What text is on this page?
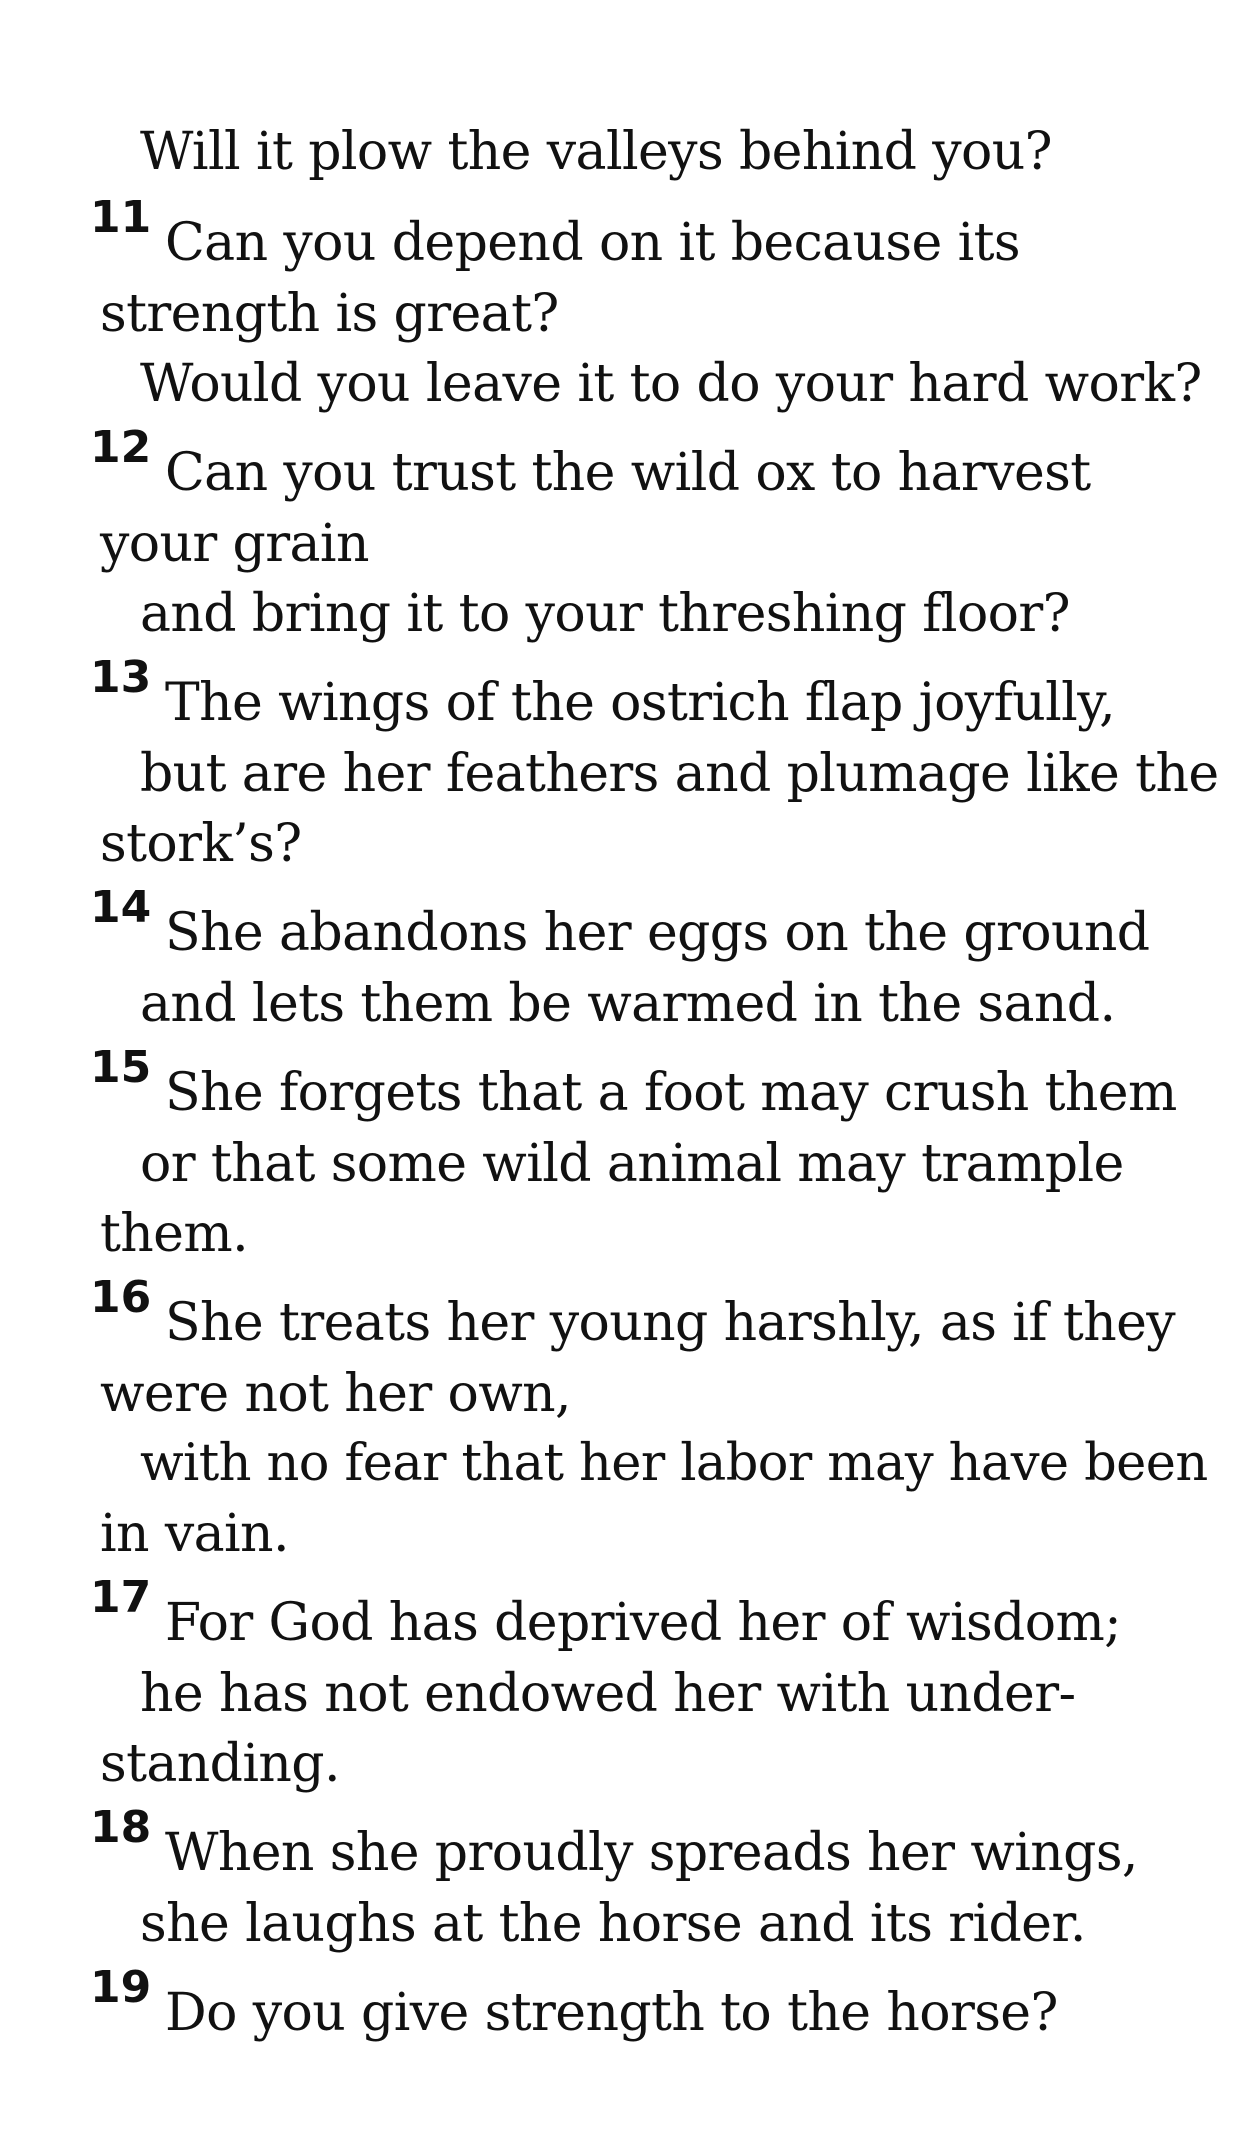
Will it plow the valleys behind you?
11 Can you depend on it because its
strength is great?
Would you leave it to do your hard work?
12 Can you trust the wild ox to harvest
your grain
and bring it to your threshing floor?
13 The wings of the ostrich flap joyfully,
but are her feathers and plumage like the
stork’s?
14 She abandons her eggs on the ground
and lets them be warmed in the sand.
15 She forgets that a foot may crush them
or that some wild animal may trample
them.
16 She treats her young harshly, as if they
were not her own,
with no fear that her labor may have been
in vain.
17 For God has deprived her of wisdom;
he has not endowed her with under-
standing.
18 When she proudly spreads her wings,
she laughs at the horse and its rider.
19 Do you give strength to the horse?
